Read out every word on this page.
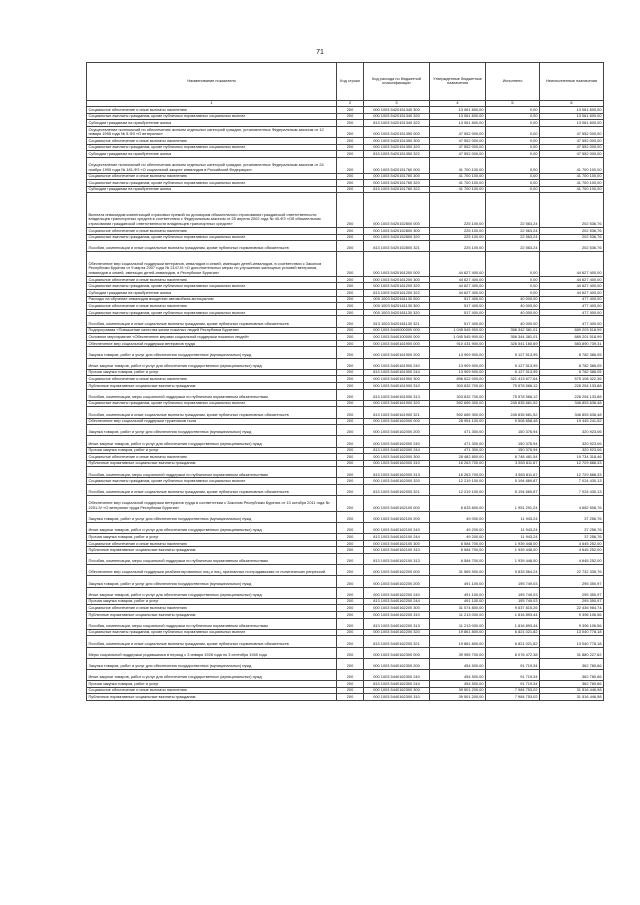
71
Наименование показателя	Код строки	Код расхода по бюджетной классификации	Утвержденные бюджетные назначения	Исполнено	Неисполненные назначения
1	2	3	4	5	6
Социальное обеспечение и иные выплаты населению	200	000 1003 5420151340 300	13 061 600,00	0,00	13 061 600,00
Социальные выплаты гражданам, кроме публичных нормативных социальных выплат	200	000 1003 5420151340 320	13 061 600,00	0,00	13 061 600,00
Субсидии гражданам на приобретение жилья	200	813 1003 5420151340 322	13 061 600,00	0,00	13 061 600,00
Осуществление полномочий по обеспечению жильем отдельных категорий граждан, установленных Федеральным законом от 12 января 1995 года № 5-ФЗ «О ветеранах»	200	000 1003 5420151350 000	47 552 000,00	0,00	47 552 000,00
Социальное обеспечение и иные выплаты населению	200	000 1003 5420151350 300	47 552 000,00	0,00	47 552 000,00
Социальные выплаты гражданам, кроме публичных нормативных социальных выплат	200	000 1003 5420151350 320	47 552 000,00	0,00	47 552 000,00
Субсидии гражданам на приобретение жилья	200	813 1003 5420151350 322	47 552 000,00	0,00	47 552 000,00
Осуществление полномочий по обеспечению жильем отдельных категорий граждан, установленных Федеральным законом от 24 ноября 1995 года № 181-ФЗ «О социальной защите инвалидов в Российской Федерации»	200	000 1003 5420151760 000	41 700 100,00	0,00	41 700 100,00
Социальное обеспечение и иные выплаты населению	200	000 1003 5420151760 300	41 700 100,00	0,00	41 700 100,00
Социальные выплаты гражданам, кроме публичных нормативных социальных выплат	200	000 1003 5420151760 320	41 700 100,00	0,00	41 700 100,00
Субсидии гражданам на приобретение жилья	200	813 1003 5420151760 322	41 700 100,00	0,00	41 700 100,00
Выплата инвалидам компенсаций страховых премий по договорам обязательного страхования гражданской ответственности владельцев транспортных средств в соответствии с Федеральным законом от 25 апреля 2002 года № 40-ФЗ «Об обязательном страховании гражданской ответственности владельцев транспортных средств»	200	000 1003 5420152800 000	225 100,00	22 563,24	202 536,76
Социальное обеспечение и иные выплаты населению	200	000 1003 5420152800 300	225 100,00	22 563,24	202 536,76
Социальные выплаты гражданам, кроме публичных нормативных социальных выплат	200	000 1003 5420152800 320	225 100,00	22 563,24	202 536,76
Пособия, компенсации и иные социальные выплаты гражданам, кроме публичных нормативных обязательств	200	813 1003 5420152800 321	225 100,00	22 563,24	202 536,76
Обеспечение мер социальной поддержки ветеранов, инвалидов и семей, имеющих детей-инвалидов, в соответствии с Законом Республики Бурятия от 9 марта 2007 года № 2147-III «О дополнительных мерах по улучшению жилищных условий ветеранов, инвалидов и семей, имеющих детей-инвалидов, в Республике Бурятия»	200	000 1003 5420161200 000	44 627 400,00	0,00	44 627 400,00
Социальное обеспечение и иные выплаты населению	200	000 1003 5420161200 300	44 627 400,00	0,00	44 627 400,00
Социальные выплаты гражданам, кроме публичных нормативных социальных выплат	200	000 1003 5420161200 320	44 627 400,00	0,00	44 627 400,00
Субсидии гражданам на приобретение жилья	200	813 1003 5420161200 322	44 627 400,00	0,00	44 627 400,00
Расходы на обучение инвалидов вождению автомобиля-мотоциклом	200	000 1003 5420161130 000	517 400,00	40 000,00	477 400,00
Социальное обеспечение и иные выплаты населению	200	000 1003 5420161130 300	517 400,00	40 000,00	477 400,00
Социальные выплаты гражданам, кроме публичных нормативных социальных выплат	200	000 1003 5420161130 320	517 400,00	40 000,00	477 400,00
Пособия, компенсации и иные социальные выплаты гражданам, кроме публичных нормативных обязательств	200	813 1003 5420161130 321	517 400,00	40 000,00	477 400,00
Подпрограмма «Повышение качества жизни пожилых людей Республики Бурятия»	200	000 1003 5440000000 000	1 045 545 900,00	356 342 381,01	689 203 518,99
Основное мероприятие «Обеспечение мерами социальной поддержки пожилых людей»	200	000 1003 5440100000 000	1 045 545 900,00	356 344 381,01	689 201 518,99
Обеспечение мер социальной поддержки ветеранов труда	200	000 1003 5440161900 000	910 431 900,00	326 541 160,69	583 890 739,31
Закупка товаров, работ и услуг для обеспечения государственных (муниципальных) нужд	200	000 1003 5440161900 200	13 909 900,00	5 127 513,95	8 782 386,05
Иные закупки товаров, работ и услуг для обеспечения государственных (муниципальных) нужд	200	000 1003 5440161900 240	13 909 900,00	5 127 513,95	8 782 386,05
Прочая закупка товаров, работ и услуг	200	813 1003 5440161900 244	13 909 900,00	5 127 513,95	8 782 386,05
Социальное обеспечение и иные выплаты населению	200	000 1003 5440161900 300	896 522 000,00	321 413 677,64	575 108 322,36
Публичные нормативные социальные выплаты гражданам	200	000 1003 5440161900 310	303 832 700,00	75 578 566,12	228 254 133,88
Пособия, компенсации, меры социальной поддержки по публичным нормативным обязательствам	200	813 1003 5440161900 313	303 832 700,00	75 578 566,12	228 254 133,88
Социальные выплаты гражданам, кроме публичных нормативных социальных выплат	200	000 1003 5440161900 320	592 689 300,00	245 835 661,52	346 853 638,48
Пособия, компенсации и иные социальные выплаты гражданам, кроме публичных нормативных обязательств	200	813 1003 5440161900 321	592 689 300,00	245 835 661,52	346 853 638,48
Обеспечение мер социальной поддержки тружеников тыла	200	000 1003 5440162000 000	28 954 100,00	9 508 858,48	19 445 241,52
Закупка товаров, работ и услуг для обеспечения государственных (муниципальных) нужд	200	000 1003 5440162000 200	471 300,00	150 376,94	320 923,06
Иные закупки товаров, работ и услуг для обеспечения государственных (муниципальных) нужд	200	000 1003 5440162000 240	471 300,00	150 376,94	320 923,06
Прочая закупка товаров, работ и услуг	200	813 1003 5440162000 244	471 300,00	150 376,94	320 923,06
Социальное обеспечение и иные выплаты населению	200	000 1003 5440162000 300	28 482 800,00	8 748 481,54	19 734 318,46
Публичные нормативные социальные выплаты гражданам	200	000 1003 5440162000 310	16 263 700,00	3 553 811,67	12 729 888,33
Пособия, компенсации, меры социальной поддержки по публичным нормативным обязательствам	200	813 1003 5440162000 313	16 263 700,00	3 563 811,67	12 729 888,33
Социальные выплаты гражданам, кроме публичных нормативных социальных выплат	200	000 1003 5440162000 320	12 219 100,00	5 194 669,87	7 024 430,13
Пособия, компенсации и иные социальные выплаты гражданам, кроме публичных нормативных обязательств	200	813 1003 5440162000 321	12 219 100,00	5 194 669,87	7 024 430,13
Обеспечение мер социальной поддержки ветеранов труда в соответствии с Законом Республики Бурятия от 10 октября 2011 года № 2251-IV «О ветеранах труда Республики Бурятия»	200	000 1003 5440162100 000	6 633 800,00	1 951 291,24	4 682 508,76
Закупка товаров, работ и услуг для обеспечения государственных (муниципальных) нужд	200	000 1003 5440162100 200	49 000,00	11 943,24	37 256,76
Иные закупки товаров, работ и услуг для обеспечения государственных (муниципальных) нужд	200	000 1003 5440162100 240	49 200,00	11 943,24	37 256,76
Прочая закупка товаров, работ и услуг	200	813 1003 5440162100 244	49 200,00	11 943,24	37 256,76
Социальное обеспечение и иные выплаты населению	200	000 1003 5440162100 300	6 584 700,00	1 939 448,00	4 645 252,00
Публичные нормативные социальные выплаты гражданам	200	000 1003 5440162100 310	6 584 700,00	1 939 448,00	4 645 252,00
Пособия, компенсации, меры социальной поддержки по публичным нормативным обязательствам	200	813 1003 5440162100 313	6 584 700,00	1 939 448,00	4 645 252,00
Обеспечение мер социальной поддержки реабилитированных лиц и лиц, признанных пострадавшими от политических репрессий	200	000 1003 5440162200 000	31 565 900,00	9 833 564,24	22 732 335,76
Закупка товаров, работ и услуг для обеспечения государственных (муниципальных) нужд	200	000 1003 5440162200 200	491 100,00	195 749,03	295 350,97
Иные закупки товаров, работ и услуг для обеспечения государственных (муниципальных) нужд	200	000 1003 5440162200 240	491 100,00	195 749,03	295 350,97
Прочая закупка товаров, работ и услуг	200	813 1003 5440162200 244	491 100,00	195 749,03	295 350,97
Социальное обеспечение и иные выплаты населению	200	000 1003 5440162200 300	31 074 800,00	9 637 815,26	22 436 984,74
Публичные нормативные социальные выплаты гражданам	200	000 1003 5440162200 310	11 213 000,00	1 816 893,44	9 396 106,56
Пособия, компенсации, меры социальной поддержки по публичным нормативным обязательствам	200	813 1003 5440162200 313	11 213 000,00	1 816 893,44	9 396 106,56
Социальные выплаты гражданам, кроме публичных нормативных социальных выплат	200	000 1003 5440162200 320	19 861 800,00	6 821 021,82	13 040 778,18
Пособия, компенсации и иные социальные выплаты гражданам, кроме публичных нормативных обязательств	200	813 1003 5440162200 321	19 861 800,00	6 821 021,82	13 040 778,18
Меры социальной поддержки родившимся в период с 3 января 1928 года по 3 сентября 1945 года	200	000 1003 5440162300 000	39 955 700,00	8 076 472,38	31 880 227,62
Закупка товаров, работ и услуг для обеспечения государственных (муниципальных) нужд	200	000 1003 5440162300 200	454 500,00	91 719,34	362 780,66
Иные закупки товаров, работ и услуг для обеспечения государственных (муниципальных) нужд	200	000 1003 5440162300 240	454 500,00	91 719,34	362 780,66
Прочая закупка товаров, работ и услуг	200	813 1003 5440162300 244	454 500,00	91 719,34	362 780,66
Социальное обеспечение и иные выплаты населению	200	000 1003 5440162300 300	39 501 200,00	7 984 753,02	31 516 446,98
Публичные нормативные социальные выплаты гражданам	200	000 1003 5440162300 310	39 501 200,00	7 984 753,02	31 516 446,98
